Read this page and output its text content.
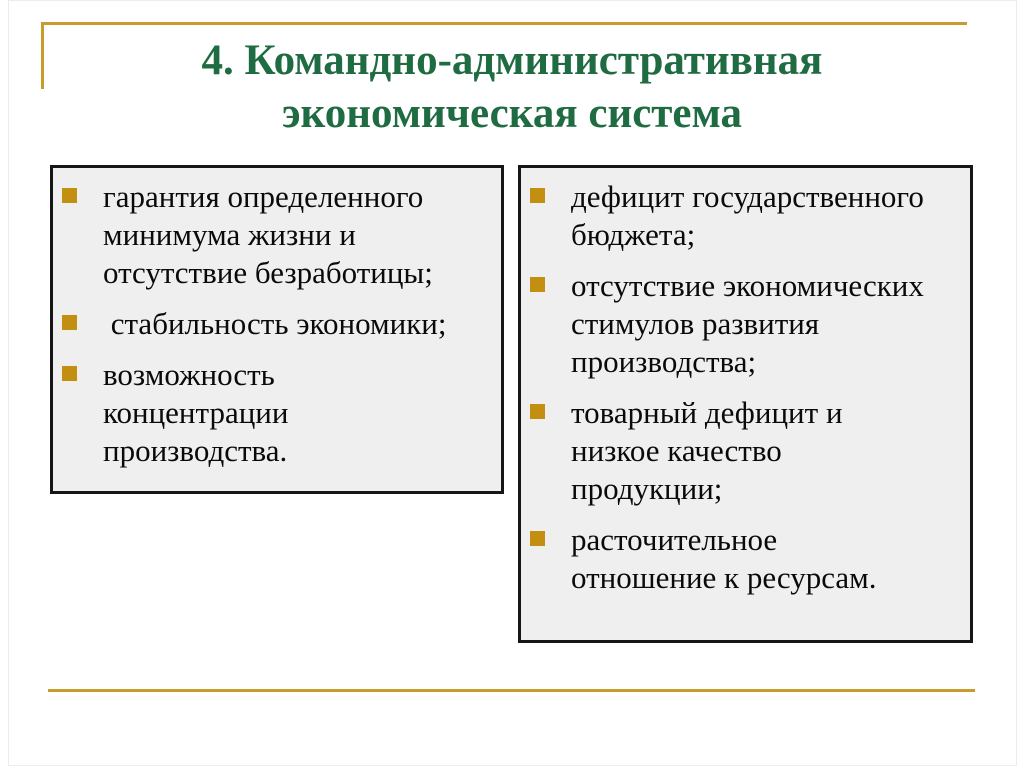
4. Командно-административная
экономическая система
гарантия определенного
минимума жизни и
отсутствие безработицы;
стабильность экономики;
возможность
концентрации
производства.
дефицит государственного
бюджета;
отсутствие экономических
стимулов развития
производства;
товарный дефицит и
низкое качество
продукции;
расточительное
отношение к ресурсам.
